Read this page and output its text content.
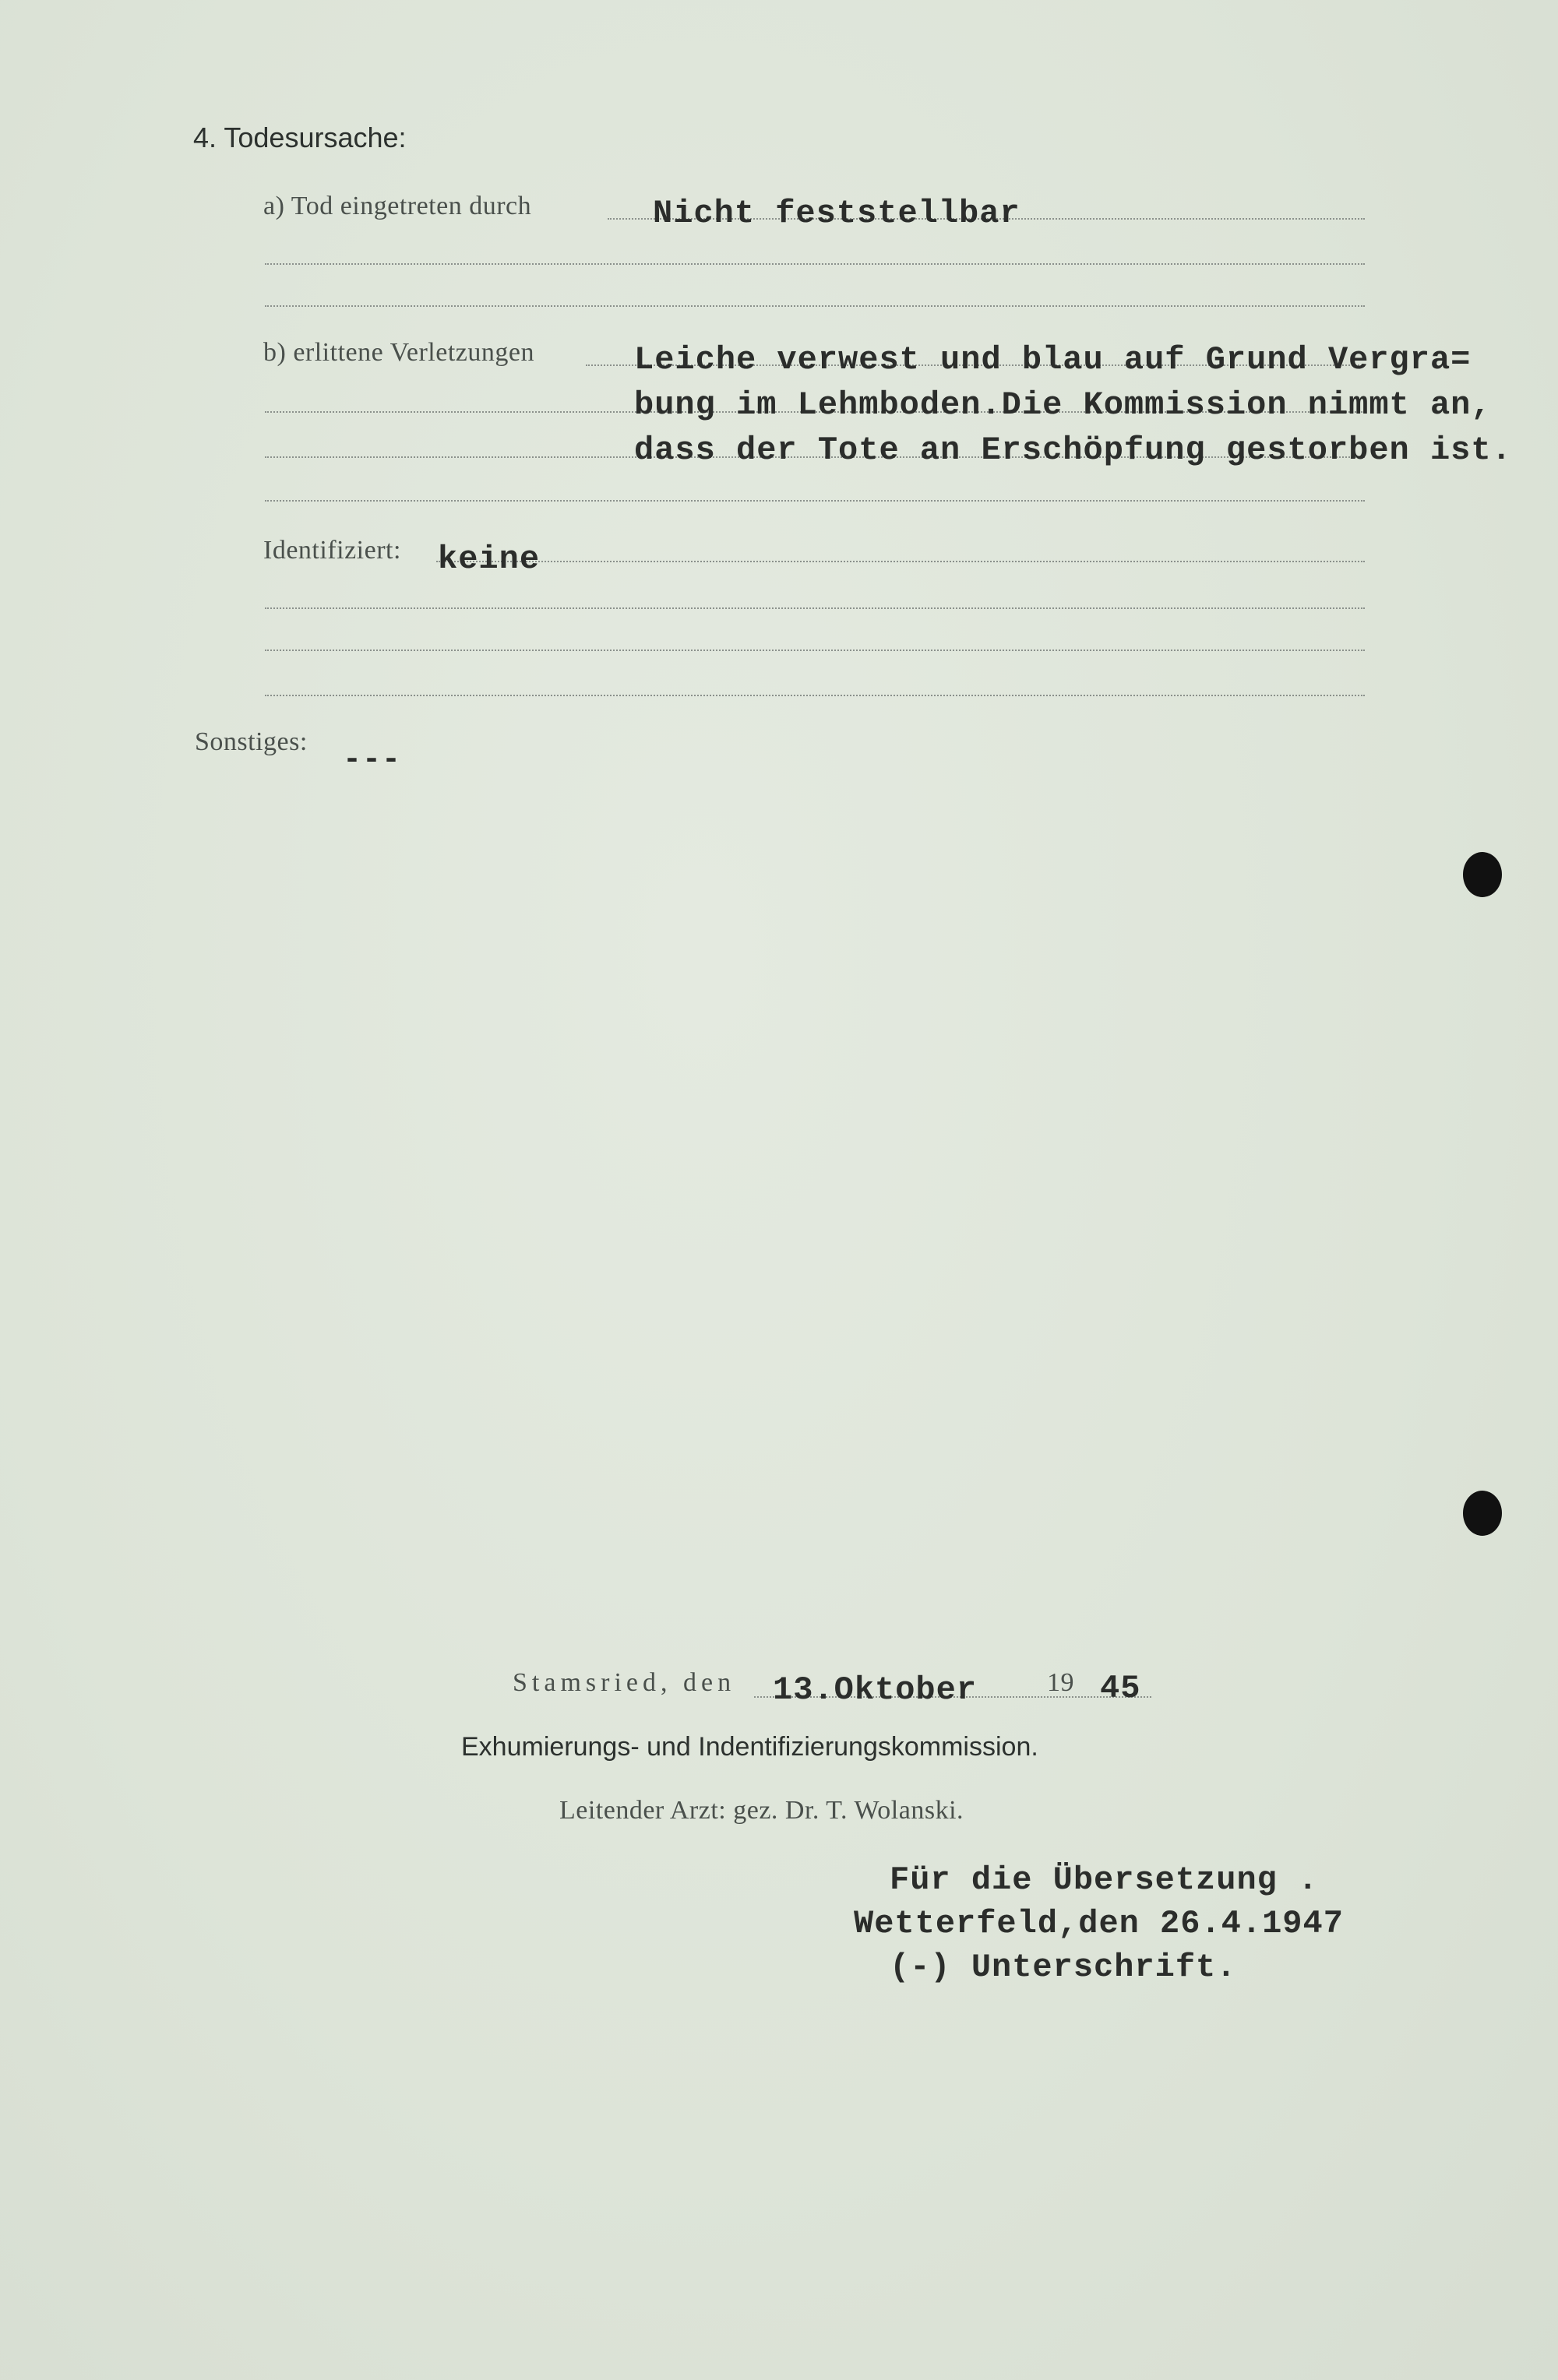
4. Todesursache:
a) Tod eingetreten durch	Nicht feststellbar
b) erlittene Verletzungen	Leiche verwest und blau auf Grund Vergra=
bung im Lehmboden.Die Kommission nimmt an,
dass der Tote an Erschöpfung gestorben ist.
Identifiziert: keine
Sonstiges:
---
Stamsried, den 13.Oktober	19 45
Exhumierungs- und Indentifizierungskommission.
Leitender Arzt: gez. Dr. T. Wolanski.
Für die Übersetzung .
Wetterfeld,den 26.4.1947
(-) Unterschrift.
